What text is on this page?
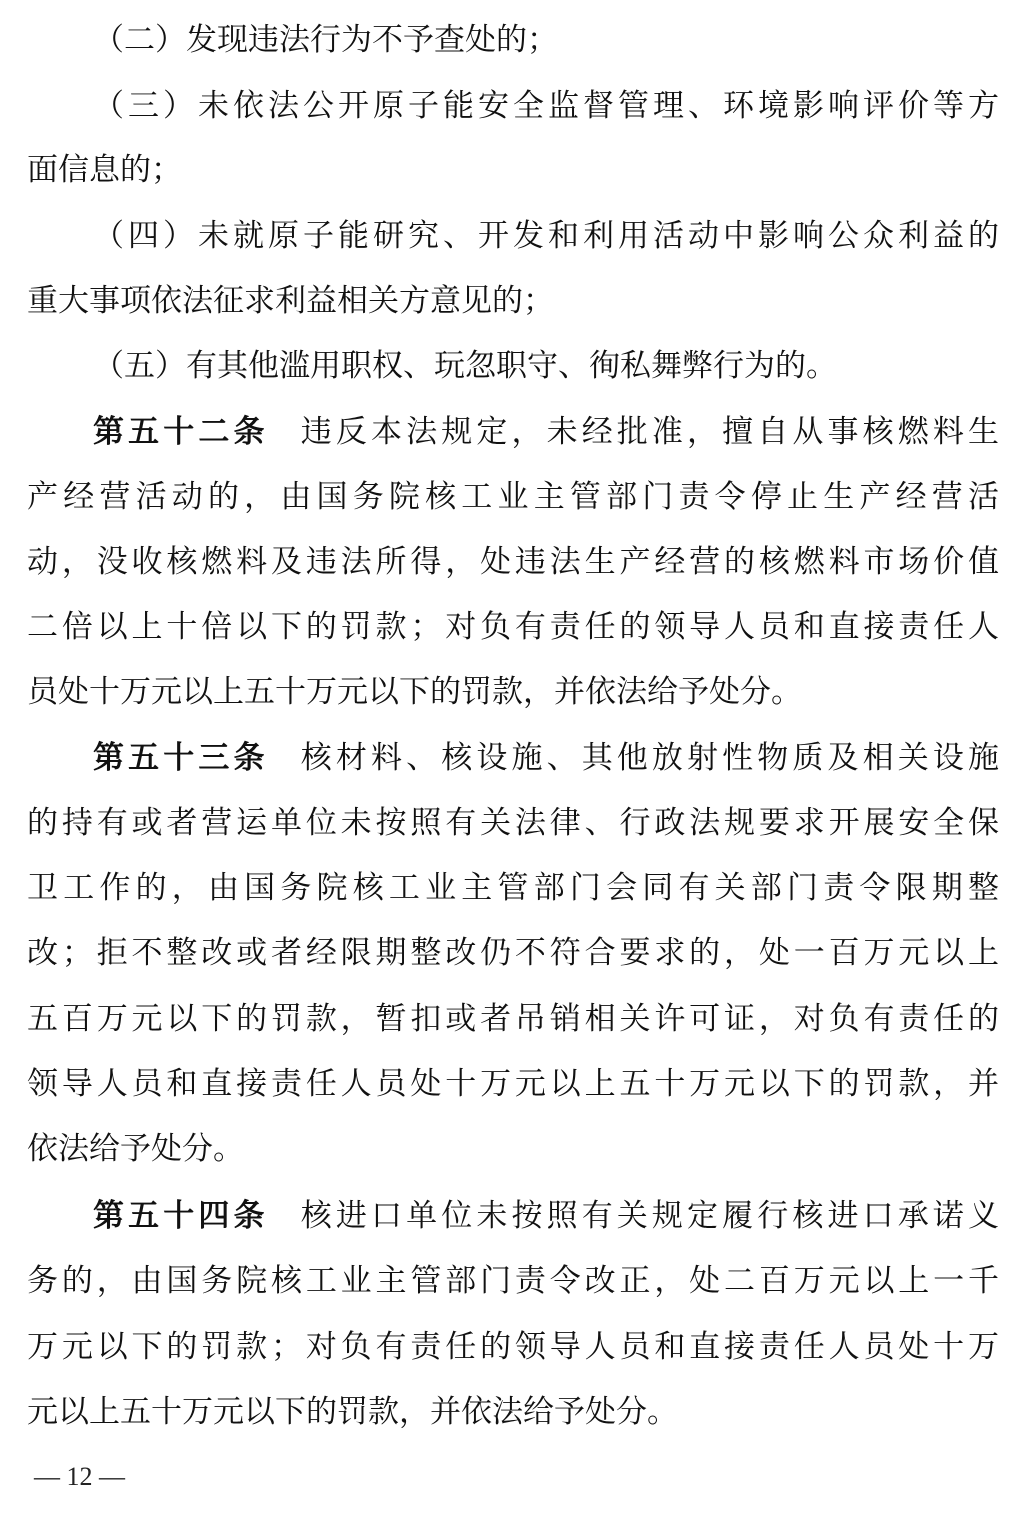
（二）发现违法行为不予查处的；
（三）未依法公开原子能安全监督管理、环境影响评价等方
面信息的；
（四）未就原子能研究、开发和利用活动中影响公众利益的
重大事项依法征求利益相关方意见的；
（五）有其他滥用职权、玩忽职守、徇私舞弊行为的。
第五十二条 违反本法规定，未经批准，擅自从事核燃料生
产经营活动的，由国务院核工业主管部门责令停止生产经营活
动，没收核燃料及违法所得，处违法生产经营的核燃料市场价值
二倍以上十倍以下的罚款；对负有责任的领导人员和直接责任人
员处十万元以上五十万元以下的罚款，并依法给予处分。
第五十三条 核材料、核设施、其他放射性物质及相关设施
的持有或者营运单位未按照有关法律、行政法规要求开展安全保
卫工作的，由国务院核工业主管部门会同有关部门责令限期整
改；拒不整改或者经限期整改仍不符合要求的，处一百万元以上
五百万元以下的罚款，暂扣或者吊销相关许可证，对负有责任的
领导人员和直接责任人员处十万元以上五十万元以下的罚款，并
依法给予处分。
第五十四条 核进口单位未按照有关规定履行核进口承诺义
务的，由国务院核工业主管部门责令改正，处二百万元以上一千
万元以下的罚款；对负有责任的领导人员和直接责任人员处十万
元以上五十万元以下的罚款，并依法给予处分。
— 12 —
